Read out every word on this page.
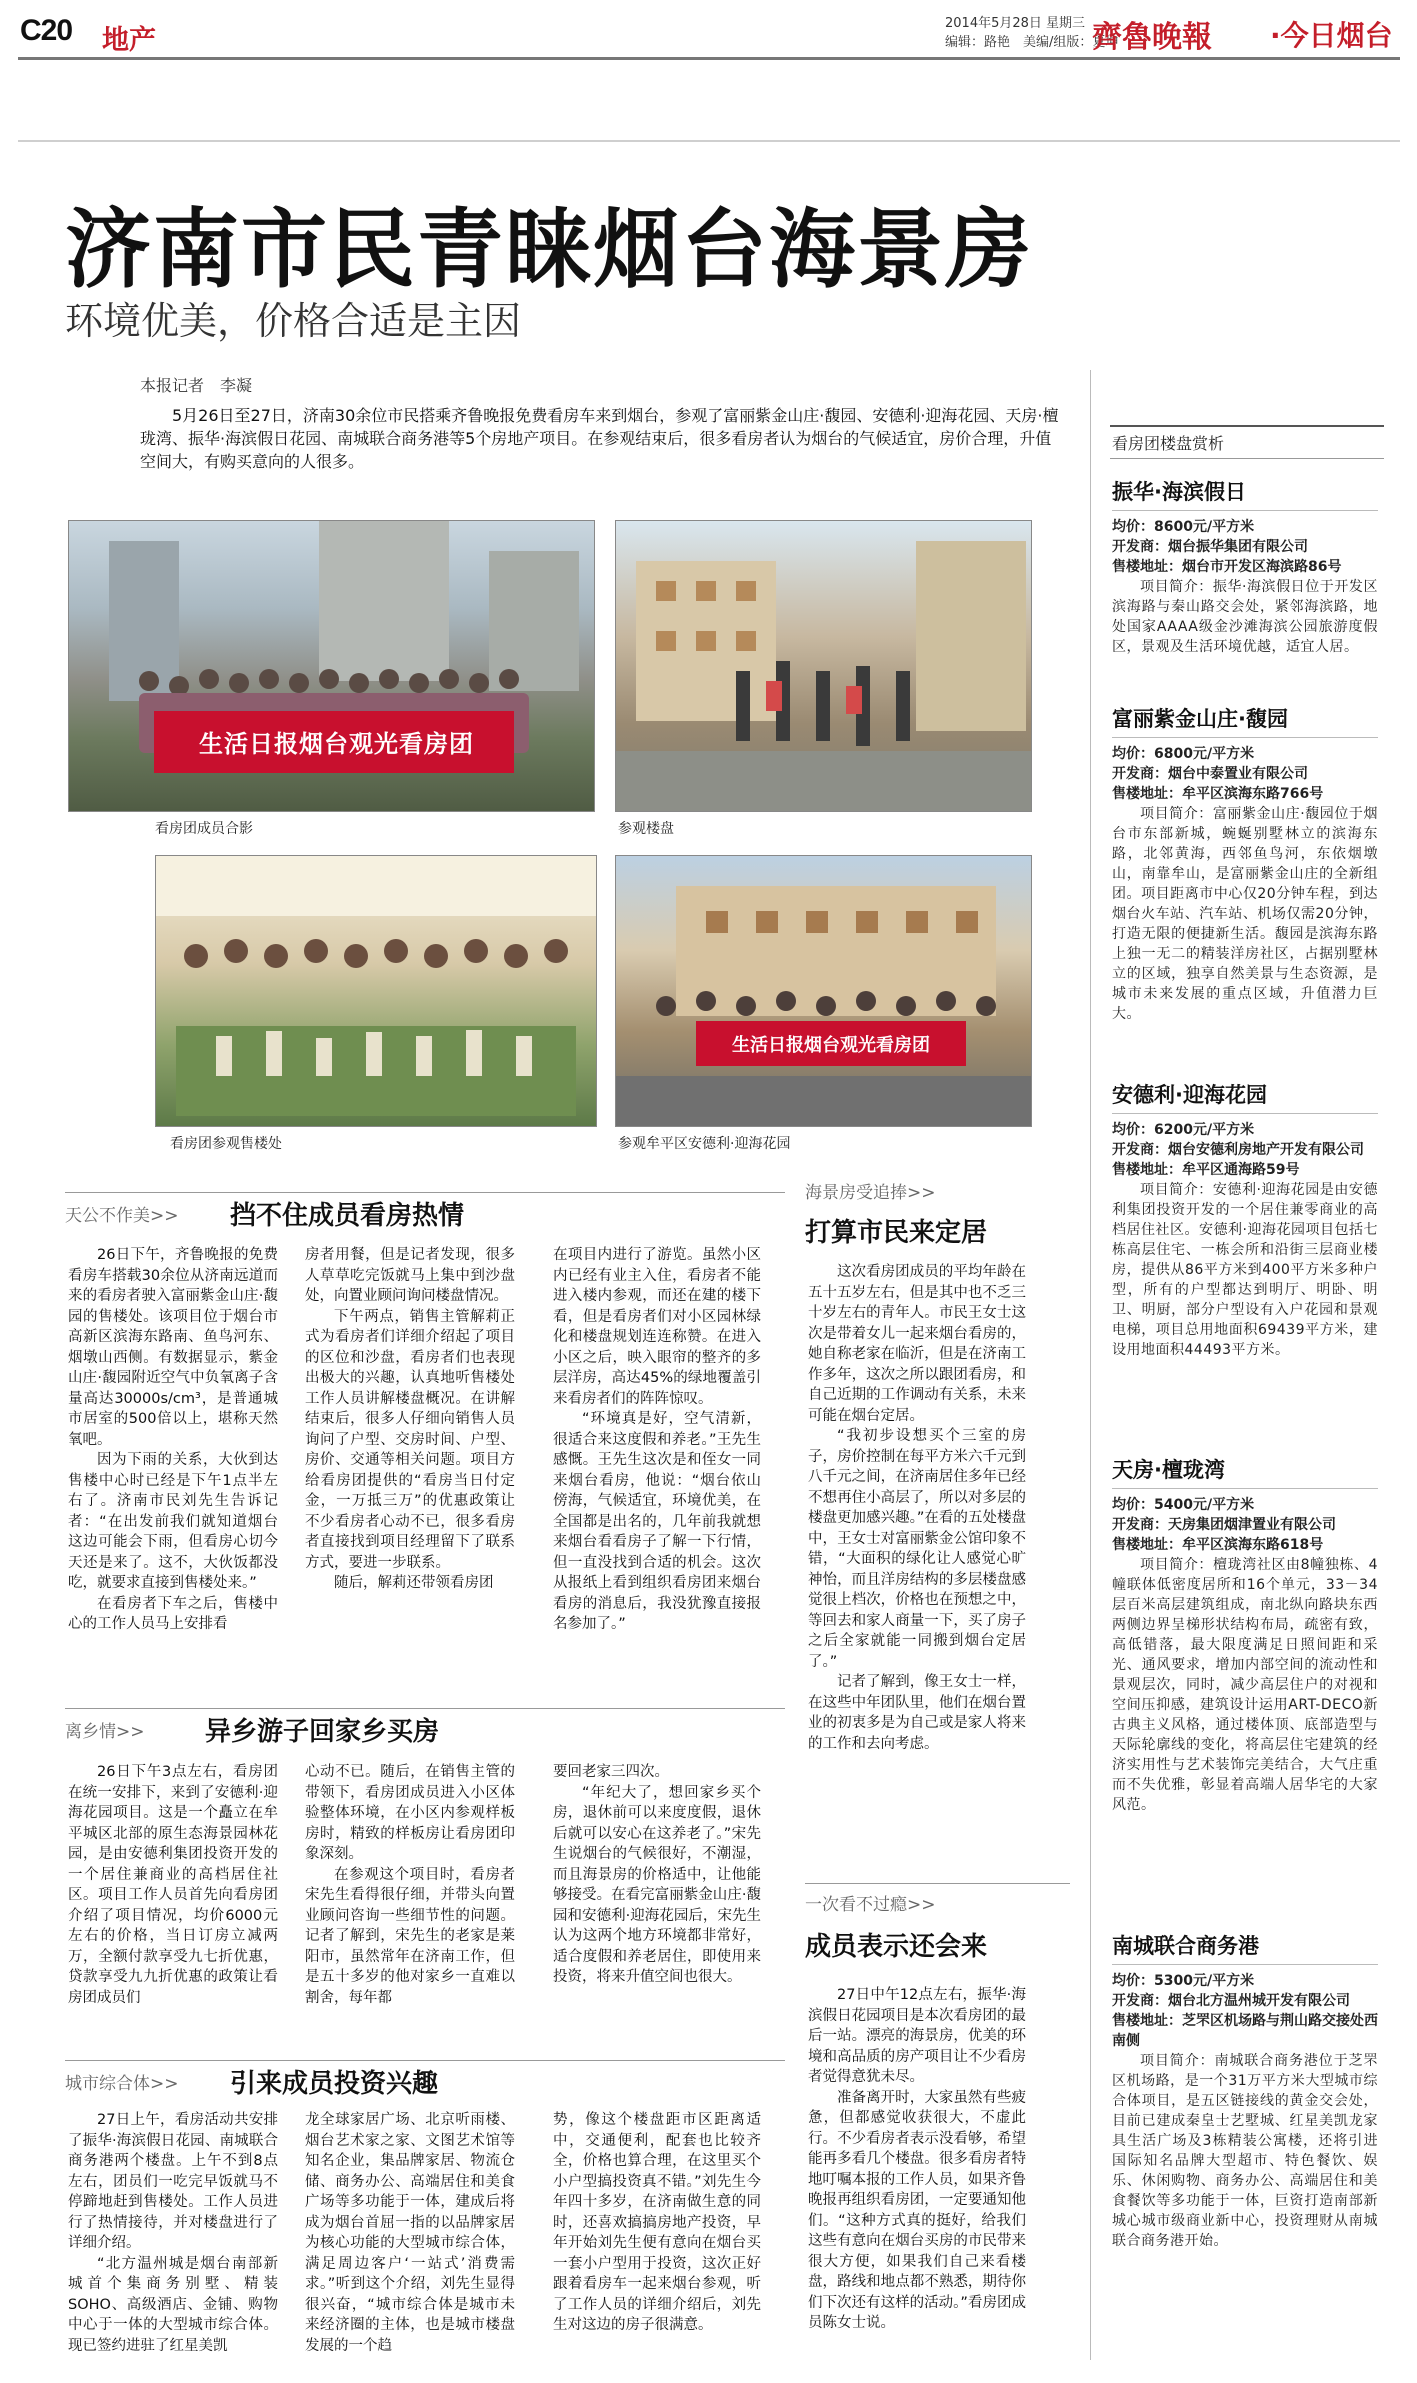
C20 地产
2014年5月28日 星期三
编辑：路艳　美编/组版：夏坤
齊魯晚報 ·今日烟台
济南市民青睐烟台海景房
环境优美，价格合适是主因
本报记者　李凝
5月26日至27日，济南30余位市民搭乘齐鲁晚报免费看房车来到烟台，参观了富丽紫金山庄·馥园、安德利·迎海花园、天房·檀珑湾、振华·海滨假日花园、南城联合商务港等5个房地产项目。在参观结束后，很多看房者认为烟台的气候适宜，房价合理，升值空间大，有购买意向的人很多。
生活日报烟台观光看房团
看房团成员合影	参观楼盘
看房团参观售楼处
生活日报烟台观光看房团
参观牟平区安德利·迎海花园
天公不作美>> 挡不住成员看房热情

26日下午，齐鲁晚报的免费看房车搭载30余位从济南远道而来的看房者驶入富丽紫金山庄·馥园的售楼处。该项目位于烟台市高新区滨海东路南、鱼鸟河东、烟墩山西侧。有数据显示，紫金山庄·馥园附近空气中负氧离子含量高达30000s/cm³，是普通城市居室的500倍以上，堪称天然氧吧。

因为下雨的关系，大伙到达售楼中心时已经是下午1点半左右了。济南市民刘先生告诉记者：“在出发前我们就知道烟台这边可能会下雨，但看房心切今天还是来了。这不，大伙饭都没吃，就要求直接到售楼处来。”

在看房者下车之后，售楼中心的工作人员马上安排看

房者用餐，但是记者发现，很多人草草吃完饭就马上集中到沙盘处，向置业顾问询问楼盘情况。

下午两点，销售主管解莉正式为看房者们详细介绍起了项目的区位和沙盘，看房者们也表现出极大的兴趣，认真地听售楼处工作人员讲解楼盘概况。在讲解结束后，很多人仔细向销售人员询问了户型、交房时间、户型、房价、交通等相关问题。项目方给看房团提供的“看房当日付定金，一万抵三万”的优惠政策让不少看房者心动不已，很多看房者直接找到项目经理留下了联系方式，要进一步联系。

随后，解莉还带领看房团

在项目内进行了游览。虽然小区内已经有业主入住，看房者不能进入楼内参观，而还在建的楼下看，但是看房者们对小区园林绿化和楼盘规划连连称赞。在进入小区之后，映入眼帘的整齐的多层洋房，高达45%的绿地覆盖引来看房者们的阵阵惊叹。

“环境真是好，空气清新，很适合来这度假和养老。”王先生感慨。王先生这次是和侄女一同来烟台看房，他说：“烟台依山傍海，气候适宜，环境优美，在全国都是出名的，几年前我就想来烟台看看房子了解一下行情，但一直没找到合适的机会。这次从报纸上看到组织看房团来烟台看房的消息后，我没犹豫直接报名参加了。”

离乡情>> 异乡游子回家乡买房

26日下午3点左右，看房团在统一安排下，来到了安德利·迎海花园项目。这是一个矗立在牟平城区北部的原生态海景园林花园，是由安德利集团投资开发的一个居住兼商业的高档居住社区。项目工作人员首先向看房团介绍了项目情况，均价6000元左右的价格，当日订房立减两万，全额付款享受九七折优惠，贷款享受九九折优惠的政策让看房团成员们

心动不已。随后，在销售主管的带领下，看房团成员进入小区体验整体环境，在小区内参观样板房时，精致的样板房让看房团印象深刻。

在参观这个项目时，看房者宋先生看得很仔细，并带头向置业顾问咨询一些细节性的问题。记者了解到，宋先生的老家是莱阳市，虽然常年在济南工作，但是五十多岁的他对家乡一直难以割舍，每年都

要回老家三四次。

“年纪大了，想回家乡买个房，退休前可以来度度假，退休后就可以安心在这养老了。”宋先生说烟台的气候很好，不潮湿，而且海景房的价格适中，让他能够接受。在看完富丽紫金山庄·馥园和安德利·迎海花园后，宋先生认为这两个地方环境都非常好，适合度假和养老居住，即使用来投资，将来升值空间也很大。

城市综合体>> 引来成员投资兴趣

27日上午，看房活动共安排了振华·海滨假日花园、南城联合商务港两个楼盘。上午不到8点左右，团员们一吃完早饭就马不停蹄地赶到售楼处。工作人员进行了热情接待，并对楼盘进行了详细介绍。

“北方温州城是烟台南部新城首个集商务别墅、精装SOHO、高级酒店、金铺、购物中心于一体的大型城市综合体。现已签约进驻了红星美凯

龙全球家居广场、北京听雨楼、烟台艺术家之家、文图艺术馆等知名企业，集品牌家居、物流仓储、商务办公、高端居住和美食广场等多功能于一体，建成后将成为烟台首屈一指的以品牌家居为核心功能的大型城市综合体，满足周边客户‘一站式’消费需求。”听到这个介绍，刘先生显得很兴奋，“城市综合体是城市未来经济圈的主体，也是城市楼盘发展的一个趋

势，像这个楼盘距市区距离适中，交通便利，配套也比较齐全，价格也算合理，在这里买个小户型搞投资真不错。”刘先生今年四十多岁，在济南做生意的同时，还喜欢搞搞房地产投资，早年开始刘先生便有意向在烟台买一套小户型用于投资，这次正好跟着看房车一起来烟台参观，听了工作人员的详细介绍后，刘先生对这边的房子很满意。

海景房受追捧>>
打算市民来定居

这次看房团成员的平均年龄在五十五岁左右，但是其中也不乏三十岁左右的青年人。市民王女士这次是带着女儿一起来烟台看房的，她自称老家在临沂，但是在济南工作多年，这次之所以跟团看房，和自己近期的工作调动有关系，未来可能在烟台定居。

“我初步设想买个三室的房子，房价控制在每平方米六千元到八千元之间，在济南居住多年已经不想再住小高层了，所以对多层的楼盘更加感兴趣。”在看的五处楼盘中，王女士对富丽紫金公馆印象不错，“大面积的绿化让人感觉心旷神怡，而且洋房结构的多层楼盘感觉很上档次，价格也在预想之中，等回去和家人商量一下，买了房子之后全家就能一同搬到烟台定居了。”

记者了解到，像王女士一样，在这些中年团队里，他们在烟台置业的初衷多是为自己或是家人将来的工作和去向考虑。

一次看不过瘾>>
成员表示还会来

27日中午12点左右，振华·海滨假日花园项目是本次看房团的最后一站。漂亮的海景房，优美的环境和高品质的房产项目让不少看房者觉得意犹未尽。

准备离开时，大家虽然有些疲惫，但都感觉收获很大，不虚此行。不少看房者表示没看够，希望能再多看几个楼盘。很多看房者特地叮嘱本报的工作人员，如果齐鲁晚报再组织看房团，一定要通知他们。“这种方式真的挺好，给我们这些有意向在烟台买房的市民带来很大方便，如果我们自己来看楼盘，路线和地点都不熟悉，期待你们下次还有这样的活动。”看房团成员陈女士说。

看房团楼盘赏析
振华·海滨假日

均价：8600元/平方米

开发商：烟台振华集团有限公司

售楼地址：烟台市开发区海滨路86号

项目简介：振华·海滨假日位于开发区滨海路与秦山路交会处，紧邻海滨路，地处国家AAAA级金沙滩海滨公园旅游度假区，景观及生活环境优越，适宜人居。

富丽紫金山庄·馥园

均价：6800元/平方米

开发商：烟台中泰置业有限公司

售楼地址：牟平区滨海东路766号

项目简介：富丽紫金山庄·馥园位于烟台市东部新城，蜿蜒别墅林立的滨海东路，北邻黄海，西邻鱼鸟河，东依烟墩山，南靠牟山，是富丽紫金山庄的全新组团。项目距离市中心仅20分钟车程，到达烟台火车站、汽车站、机场仅需20分钟，打造无限的便捷新生活。馥园是滨海东路上独一无二的精装洋房社区，占据别墅林立的区域，独享自然美景与生态资源，是城市未来发展的重点区域，升值潜力巨大。

安德利·迎海花园

均价：6200元/平方米

开发商：烟台安德利房地产开发有限公司

售楼地址：牟平区通海路59号

项目简介：安德利·迎海花园是由安德利集团投资开发的一个居住兼零商业的高档居住社区。安德利·迎海花园项目包括七栋高层住宅、一栋会所和沿街三层商业楼房，提供从86平方米到400平方米多种户型，所有的户型都达到明厅、明卧、明卫、明厨，部分户型设有入户花园和景观电梯，项目总用地面积69439平方米，建设用地面积44493平方米。

天房·檀珑湾

均价：5400元/平方米

开发商：天房集团烟津置业有限公司

售楼地址：牟平区滨海东路618号

项目简介：檀珑湾社区由8幢独栋、4幢联体低密度居所和16个单元，33－34层百米高层建筑组成，南北纵向路块东西两侧边界呈梯形状结构布局，疏密有致，高低错落，最大限度满足日照间距和采光、通风要求，增加内部空间的流动性和景观层次，同时，减少高层住户的对视和空间压抑感，建筑设计运用ART-DECO新古典主义风格，通过楼体顶、底部造型与天际轮廓线的变化，将高层住宅建筑的经济实用性与艺术装饰完美结合，大气庄重而不失优雅，彰显着高端人居华宅的大家风范。

南城联合商务港

均价：5300元/平方米

开发商：烟台北方温州城开发有限公司

售楼地址：芝罘区机场路与荆山路交接处西南侧

项目简介：南城联合商务港位于芝罘区机场路，是一个31万平方米大型城市综合体项目，是五区链接线的黄金交会处，目前已建成秦皇士艺墅城、红星美凯龙家具生活广场及3栋精装公寓楼，还将引进国际知名品牌大型超市、特色餐饮、娱乐、休闲购物、商务办公、高端居住和美食餐饮等多功能于一体，巨资打造南部新城心城市级商业新中心，投资理财从南城联合商务港开始。
